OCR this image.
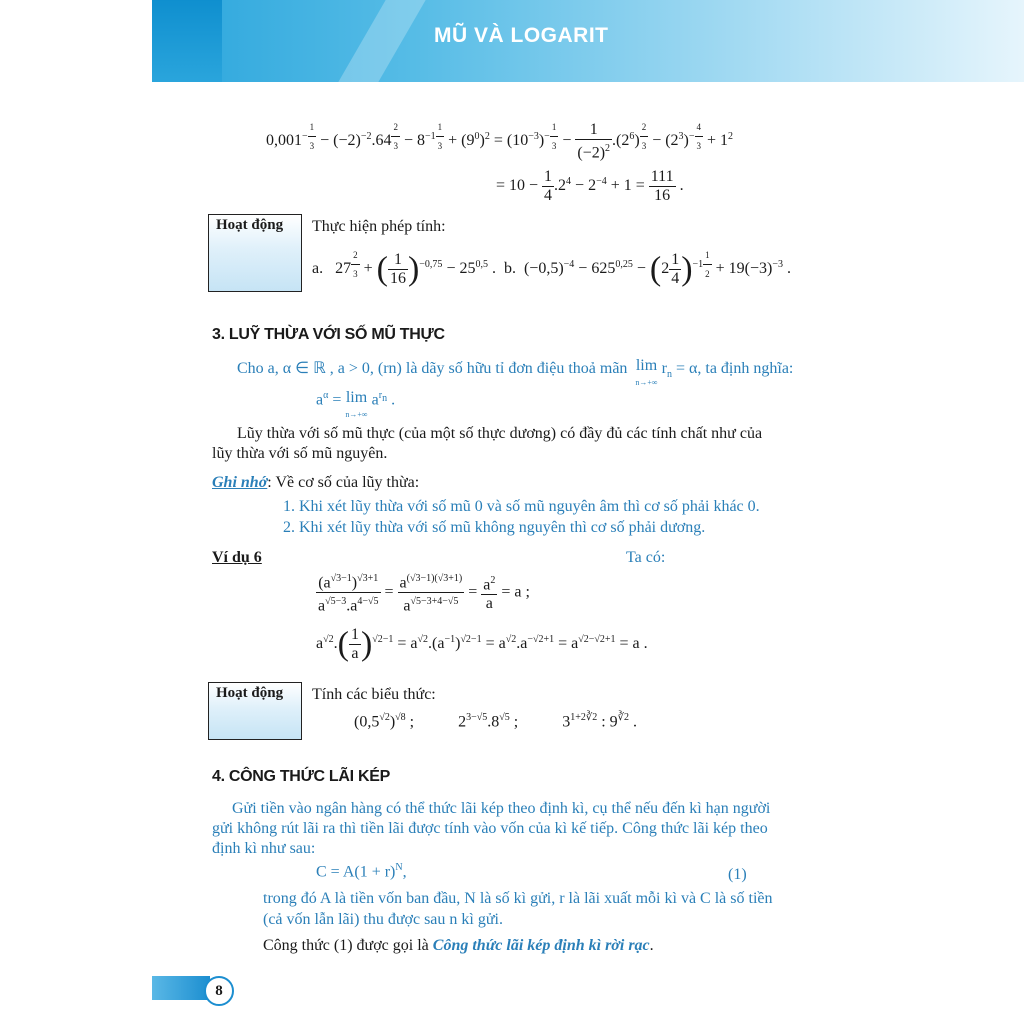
MŨ VÀ LOGARIT
$0,001^{- \frac{1}{3}} - (-2)^{-2}.64$ $^{\frac{2}{3}} - 8^{-1 \frac{1}{3}} + (9^0)^2 = (10^{-3})^{- \frac{1}{3}} - \frac{1}{(-2)^2} .(2^6) ^{\frac{2}{3}} - (2^3)^{- \frac{4}{3}} + 1^2$
= $10 - \frac{1}{4} .2^4 - 2^{-4} + 1 = \frac{111}{16}$ .
Hoạt động Thực hiện phép tính:
a.   27 $^{\frac{2}{3}}$ + ( $\frac{1}{16} )^{-0,75} - 25^{0,5}$ .  b.  $(-0,5)^{-4} - 625^{0,25} - (2 \frac{1}{4} )^{-1 \frac{1}{2}} + 19(-3)^{-3}$ .
3. LUỸ THỪA VỚI SỐ MŨ THỰC
Cho a, α ∈ ℝ , a > 0, (rn) là dãy số hữu tỉ đơn điệu thoả mãn lim
n→+∞ $r_n = \alpha$, ta định nghĩa:
$a^\alpha = \lim$
n→+∞ $a^{r_n}$ .
Lũy thừa với số mũ thực (của một số thực dương) có đầy đủ các tính chất như của
lũy thừa với số mũ nguyên.
Ghi nhớ: Về cơ số của lũy thừa:
1. Khi xét lũy thừa với số mũ 0 và số mũ nguyên âm thì cơ số phải khác 0.
2. Khi xét lũy thừa với số mũ không nguyên thì cơ số phải dương.
Ví dụ 6	Ta có:
$\frac{(a^{√3-1})^{√3+1}}{a^{√5-3}.a^{4-√5}} = \frac{a^{(√3-1)(√3+1)}}{a^{√5-3+4-√5}} = \frac{a^2}{a} = a$ ;
$a^{√2}.( \frac{1}{a} )^{√2-1} = a^{√2}.(a^{-1})^{√2-1} = a^{√2}.a^{-√2+1} = a^{√2-√2+1} = a$ .
Hoạt động Tính các biểu thức:
$(0,5^{√2})^{√8}$ ;           $2^{3-√5}.8^{√5}$ ;           $3^{1+2∛2}$ : $9^{∛2}$ .
4. CÔNG THỨC LÃI KÉP
Gửi tiền vào ngân hàng có thể thức lãi kép theo định kì, cụ thể nếu đến kì hạn người
gửi không rút lãi ra thì tiền lãi được tính vào vốn của kì kế tiếp. Công thức lãi kép theo
định kì như sau:
$C = A(1 + r)^N$,	(1)
trong đó A là tiền vốn ban đầu, N là số kì gửi, r là lãi xuất mỗi kì và C là số tiền
(cả vốn lẫn lãi) thu được sau n kì gửi.
Công thức (1) được gọi là Công thức lãi kép định kì rời rạc.
8
